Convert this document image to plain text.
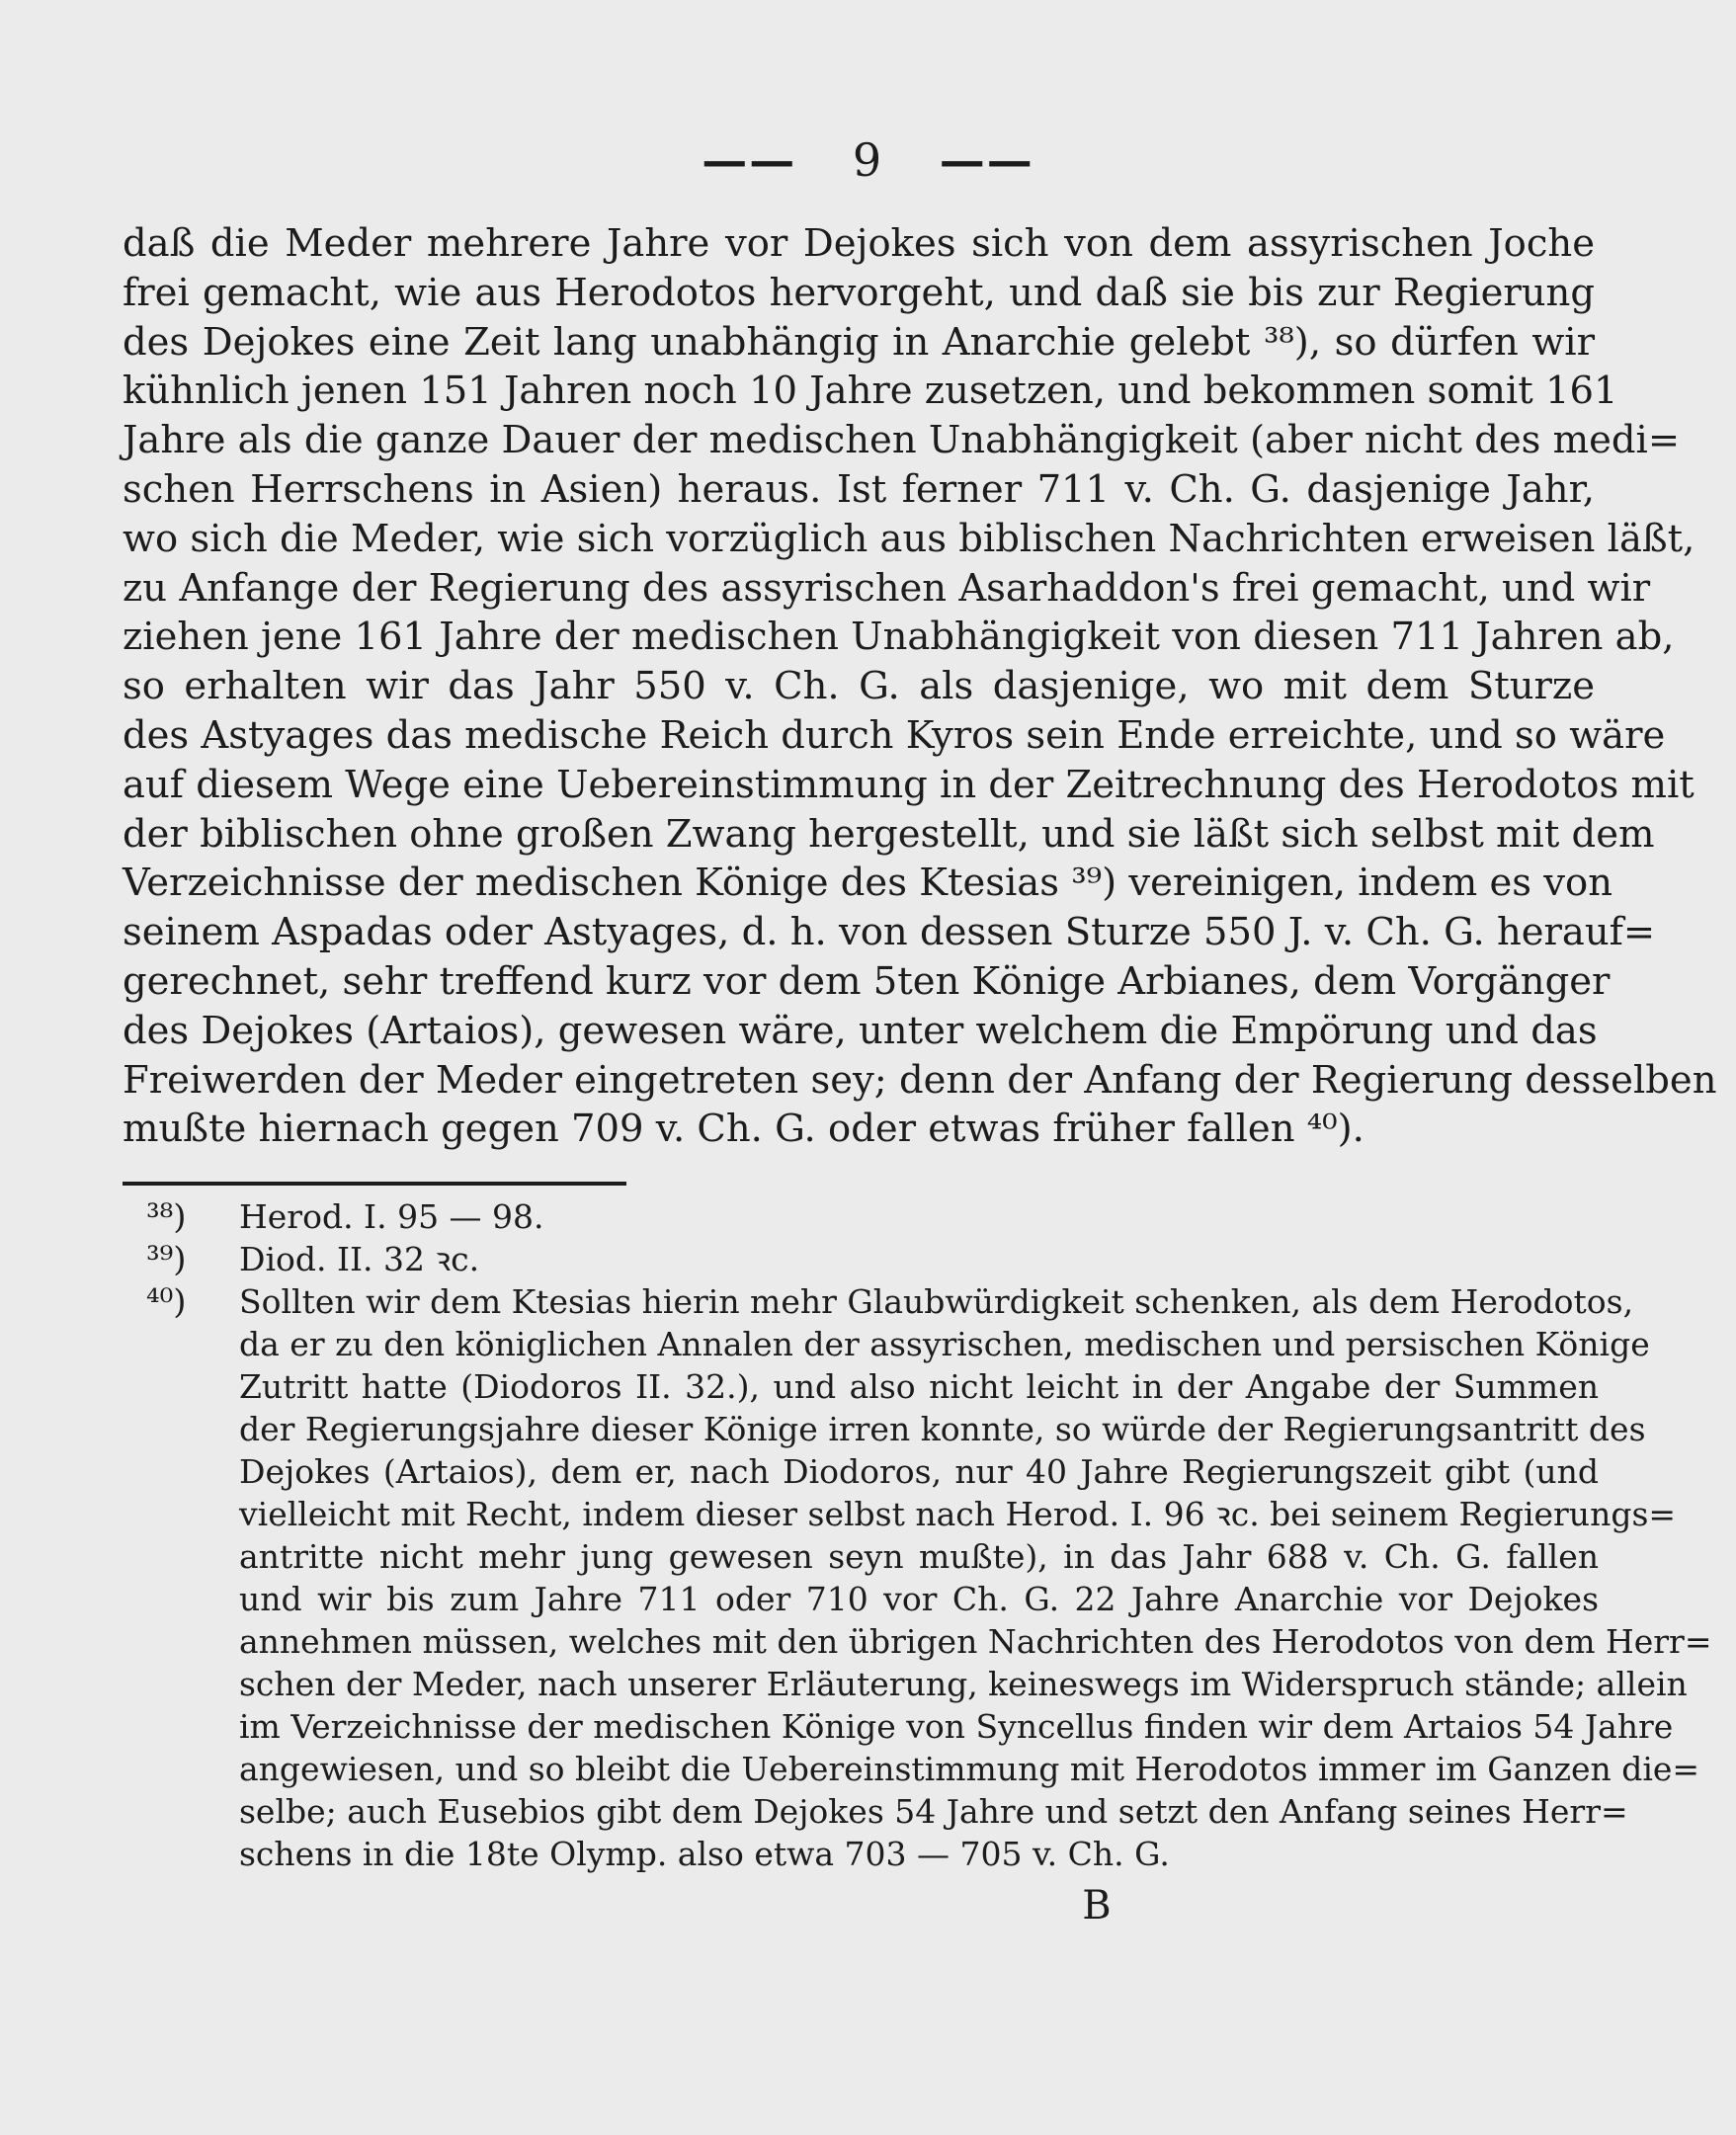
—— 9 ——
daß die Meder mehrere Jahre vor Dejokes sich von dem assyrischen Joche
frei gemacht, wie aus Herodotos hervorgeht, und daß sie bis zur Regierung
des Dejokes eine Zeit lang unabhängig in Anarchie gelebt ³⁸), so dürfen wir
kühnlich jenen 151 Jahren noch 10 Jahre zusetzen, und bekommen somit 161
Jahre als die ganze Dauer der medischen Unabhängigkeit (aber nicht des medi=
schen Herrschens in Asien) heraus. Ist ferner 711 v. Ch. G. dasjenige Jahr,
wo sich die Meder, wie sich vorzüglich aus biblischen Nachrichten erweisen läßt,
zu Anfange der Regierung des assyrischen Asarhaddon's frei gemacht, und wir
ziehen jene 161 Jahre der medischen Unabhängigkeit von diesen 711 Jahren ab,
so erhalten wir das Jahr 550 v. Ch. G. als dasjenige, wo mit dem Sturze
des Astyages das medische Reich durch Kyros sein Ende erreichte, und so wäre
auf diesem Wege eine Uebereinstimmung in der Zeitrechnung des Herodotos mit
der biblischen ohne großen Zwang hergestellt, und sie läßt sich selbst mit dem
Verzeichnisse der medischen Könige des Ktesias ³⁹) vereinigen, indem es von
seinem Aspadas oder Astyages, d. h. von dessen Sturze 550 J. v. Ch. G. herauf=
gerechnet, sehr treffend kurz vor dem 5ten Könige Arbianes, dem Vorgänger
des Dejokes (Artaios), gewesen wäre, unter welchem die Empörung und das
Freiwerden der Meder eingetreten sey; denn der Anfang der Regierung desselben
mußte hiernach gegen 709 v. Ch. G. oder etwas früher fallen ⁴⁰).
³⁸)	Herod. I. 95 — 98.
³⁹)	Diod. II. 32 ꝛc.
⁴⁰)	Sollten wir dem Ktesias hierin mehr Glaubwürdigkeit schenken, als dem Herodotos,
da er zu den königlichen Annalen der assyrischen, medischen und persischen Könige
Zutritt hatte (Diodoros II. 32.), und also nicht leicht in der Angabe der Summen
der Regierungsjahre dieser Könige irren konnte, so würde der Regierungsantritt des
Dejokes (Artaios), dem er, nach Diodoros, nur 40 Jahre Regierungszeit gibt (und
vielleicht mit Recht, indem dieser selbst nach Herod. I. 96 ꝛc. bei seinem Regierungs=
antritte nicht mehr jung gewesen seyn mußte), in das Jahr 688 v. Ch. G. fallen
und wir bis zum Jahre 711 oder 710 vor Ch. G. 22 Jahre Anarchie vor Dejokes
annehmen müssen, welches mit den übrigen Nachrichten des Herodotos von dem Herr=
schen der Meder, nach unserer Erläuterung, keineswegs im Widerspruch stände; allein
im Verzeichnisse der medischen Könige von Syncellus finden wir dem Artaios 54 Jahre
angewiesen, und so bleibt die Uebereinstimmung mit Herodotos immer im Ganzen die=
selbe; auch Eusebios gibt dem Dejokes 54 Jahre und setzt den Anfang seines Herr=
schens in die 18te Olymp. also etwa 703 — 705 v. Ch. G.
B
